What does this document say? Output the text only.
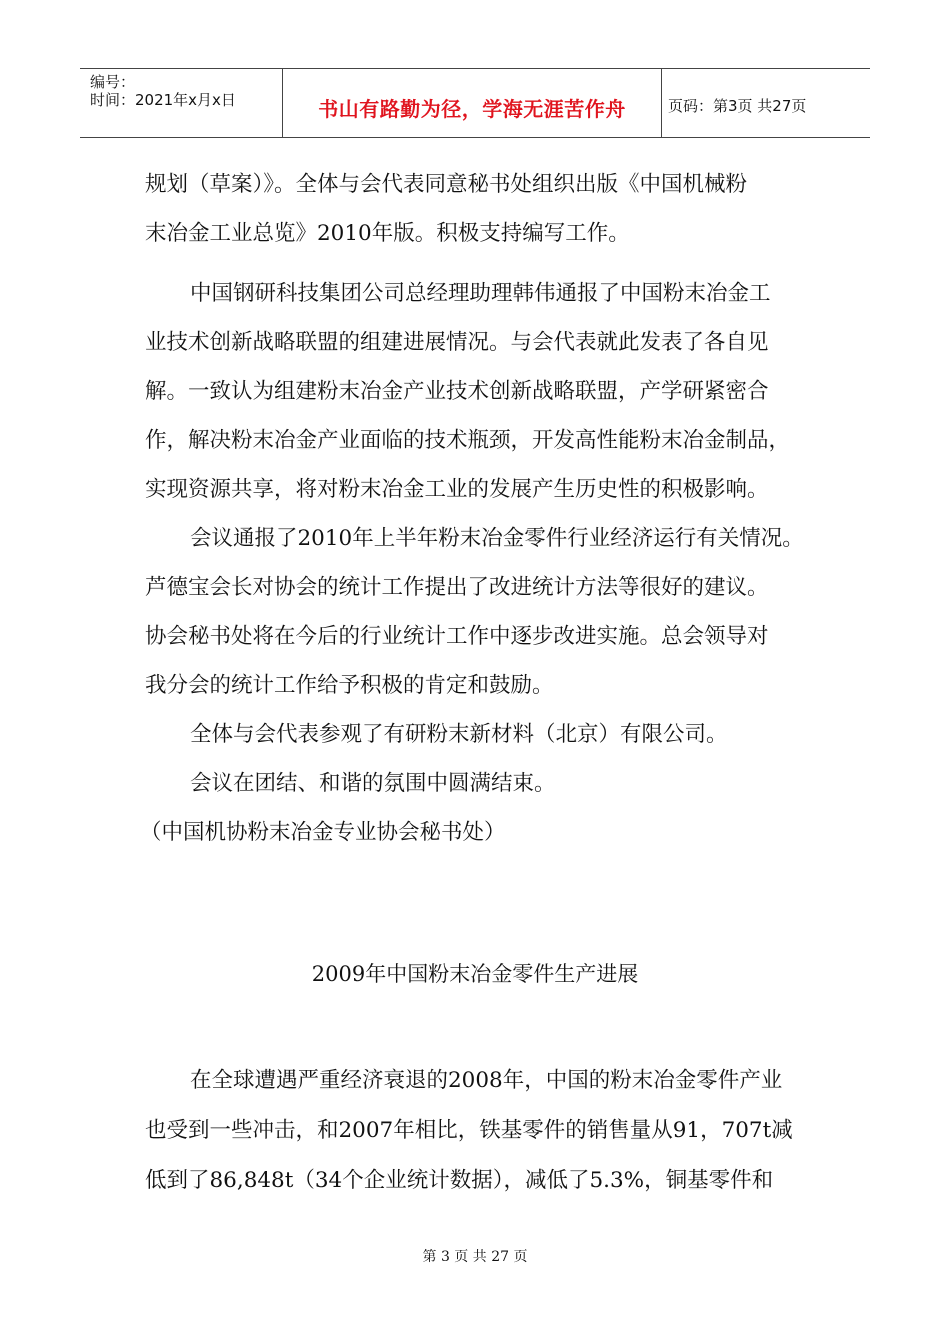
编号：
时间：2021年x月x日	书山有路勤为径，学海无涯苦作舟	页码：第3页 共27页
规划（草案）》。全体与会代表同意秘书处组织出版《中国机械粉
末冶金工业总览》2010年版。积极支持编写工作。
中国钢研科技集团公司总经理助理韩伟通报了中国粉末冶金工
业技术创新战略联盟的组建进展情况。与会代表就此发表了各自见
解。一致认为组建粉末冶金产业技术创新战略联盟，产学研紧密合
作，解决粉末冶金产业面临的技术瓶颈，开发高性能粉末冶金制品，
实现资源共享，将对粉末冶金工业的发展产生历史性的积极影响。
会议通报了2010年上半年粉末冶金零件行业经济运行有关情况。
芦德宝会长对协会的统计工作提出了改进统计方法等很好的建议。
协会秘书处将在今后的行业统计工作中逐步改进实施。总会领导对
我分会的统计工作给予积极的肯定和鼓励。
全体与会代表参观了有研粉末新材料（北京）有限公司。
会议在团结、和谐的氛围中圆满结束。
（中国机协粉末冶金专业协会秘书处）
2009年中国粉末冶金零件生产进展
在全球遭遇严重经济衰退的2008年，中国的粉末冶金零件产业
也受到一些冲击，和2007年相比，铁基零件的销售量从91，707t减
低到了86,848t（34个企业统计数据），减低了5.3%，铜基零件和
第 3 页 共 27 页
